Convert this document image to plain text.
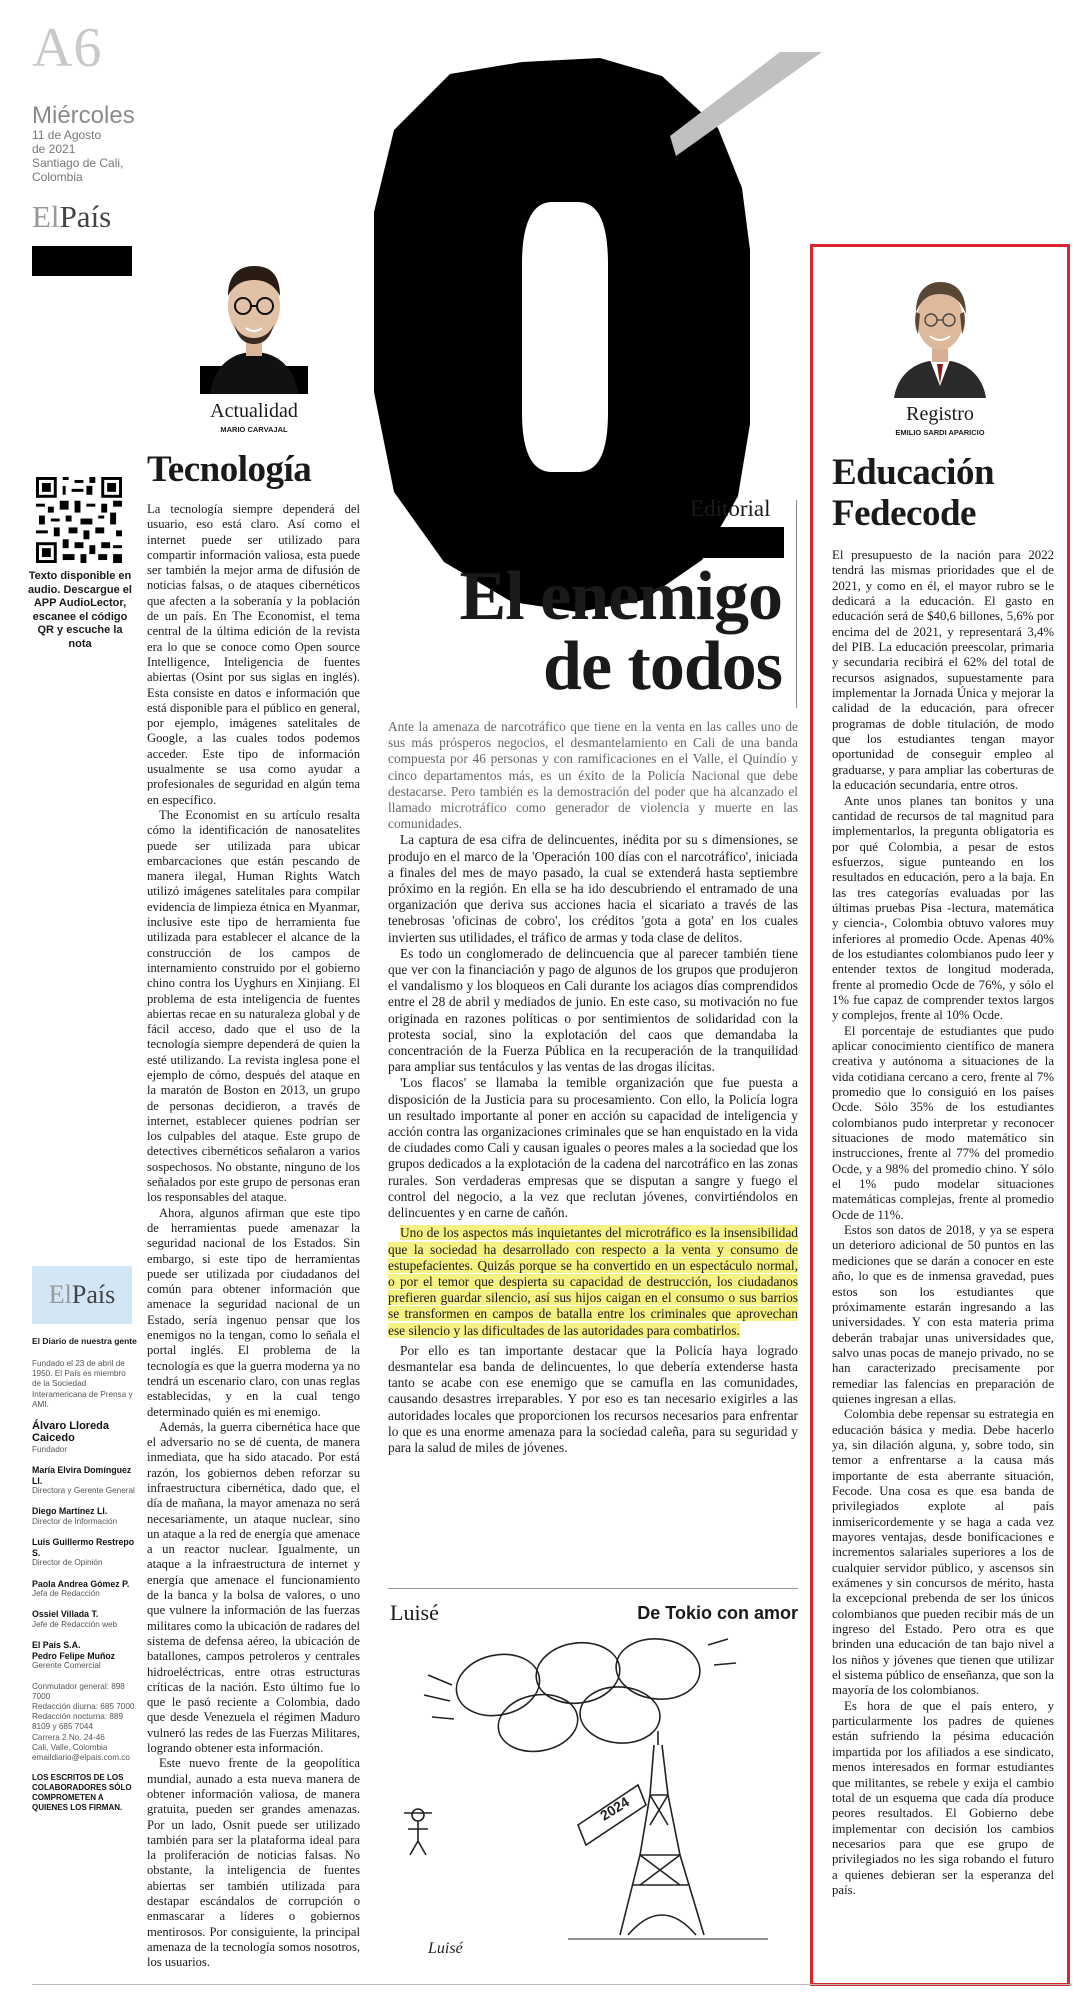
A6
Miércoles
11 de Agosto
de 2021
Santiago de Cali,
Colombia
ElPaís
Texto disponible en audio. Descargue el APP AudioLector, escanee el código QR y escuche la nota
Actualidad
MARIO CARVAJAL
Tecnología

La tecnología siempre dependerá del usuario, eso está claro. Así como el internet puede ser utilizado para compartir información valiosa, esta puede ser también la mejor arma de difusión de noticias falsas, o de ataques cibernéticos que afecten a la soberanía y la población de un país. En The Economist, el tema central de la última edición de la revista era lo que se conoce como Open source Intelligence, Inteligencia de fuentes abiertas (Osint por sus siglas en inglés). Esta consiste en datos e información que está disponible para el público en general, por ejemplo, imágenes satelitales de Google, a las cuales todos podemos acceder. Este tipo de información usualmente se usa como ayudar a profesionales de seguridad en algún tema en específico.

The Economist en su artículo resalta cómo la identificación de nanosatelites puede ser utilizada para ubicar embarcaciones que están pescando de manera ilegal, Human Rights Watch utilizó imágenes satelitales para compilar evidencia de limpieza étnica en Myanmar, inclusive este tipo de herramienta fue utilizada para establecer el alcance de la construcción de los campos de internamiento construido por el gobierno chino contra los Uyghurs en Xinjiang. El problema de esta inteligencia de fuentes abiertas recae en su naturaleza global y de fácil acceso, dado que el uso de la tecnología siempre dependerá de quien la esté utilizando. La revista inglesa pone el ejemplo de cómo, después del ataque en la maratón de Boston en 2013, un grupo de personas decidieron, a través de internet, establecer quienes podrían ser los culpables del ataque. Este grupo de detectives cibernéticos señalaron a varios sospechosos. No obstante, ninguno de los señalados por este grupo de personas eran los responsables del ataque.

Ahora, algunos afirman que este tipo de herramientas puede amenazar la seguridad nacional de los Estados. Sin embargo, si este tipo de herramientas puede ser utilizada por ciudadanos del común para obtener información que amenace la seguridad nacional de un Estado, sería ingenuo pensar que los enemigos no la tengan, como lo señala el portal inglés. El problema de la tecnología es que la guerra moderna ya no tendrá un escenario claro, con unas reglas establecidas, y en la cual tengo determinado quién es mi enemigo.

Además, la guerra cibernética hace que el adversario no se dé cuenta, de manera inmediata, que ha sido atacado. Por está razón, los gobiernos deben reforzar su infraestructura cibernética, dado que, el día de mañana, la mayor amenaza no será necesariamente, un ataque nuclear, sino un ataque a la red de energía que amenace a un reactor nuclear. Igualmente, un ataque a la infraestructura de internet y energía que amenace el funcionamiento de la banca y la bolsa de valores, o uno que vulnere la información de las fuerzas militares como la ubicación de radares del sistema de defensa aéreo, la ubicación de batallones, campos petroleros y centrales hidroeléctricas, entre otras estructuras críticas de la nación. Esto último fue lo que le pasó reciente a Colombia, dado que desde Venezuela el régimen Maduro vulneró las redes de las Fuerzas Militares, logrando obtener esta información.

Este nuevo frente de la geopolítica mundial, aunado a esta nueva manera de obtener información valiosa, de manera gratuita, pueden ser grandes amenazas. Por un lado, Osnit puede ser utilizado también para ser la plataforma ideal para la proliferación de noticias falsas. No obstante, la inteligencia de fuentes abiertas ser también utilizada para destapar escándalos de corrupción o enmascarar a líderes o gobiernos mentirosos. Por consiguiente, la principal amenaza de la tecnología somos nosotros, los usuarios.

Editorial
El enemigo
de todos

Ante la amenaza de narcotráfico que tiene en la venta en las calles uno de sus más prósperos negocios, el desmantelamiento en Cali de una banda compuesta por 46 personas y con ramificaciones en el Valle, el Quindío y cinco departamentos más, es un éxito de la Policía Nacional que debe destacarse. Pero también es la demostración del poder que ha alcanzado el llamado microtráfico como generador de violencia y muerte en las comunidades.

La captura de esa cifra de delincuentes, inédita por su s dimensiones, se produjo en el marco de la 'Operación 100 días con el narcotráfico', iniciada a finales del mes de mayo pasado, la cual se extenderá hasta septiembre próximo en la región. En ella se ha ido descubriendo el entramado de una organización que deriva sus acciones hacia el sicariato a través de las tenebrosas 'oficinas de cobro', los créditos 'gota a gota' en los cuales invierten sus utilidades, el tráfico de armas y toda clase de delitos.

Es todo un conglomerado de delincuencia que al parecer también tiene que ver con la financiación y pago de algunos de los grupos que produjeron el vandalismo y los bloqueos en Cali durante los aciagos días comprendidos entre el 28 de abril y mediados de junio. En este caso, su motivación no fue originada en razones políticas o por sentimientos de solidaridad con la protesta social, sino la explotación del caos que demandaba la concentración de la Fuerza Pública en la recuperación de la tranquilidad para ampliar sus tentáculos y las ventas de las drogas ilícitas.

'Los flacos' se llamaba la temible organización que fue puesta a disposición de la Justicia para su procesamiento. Con ello, la Policía logra un resultado importante al poner en acción su capacidad de inteligencia y acción contra las organizaciones criminales que se han enquistado en la vida de ciudades como Cali y causan iguales o peores males a la sociedad que los grupos dedicados a la explotación de la cadena del narcotráfico en las zonas rurales. Son verdaderas empresas que se disputan a sangre y fuego el control del negocio, a la vez que reclutan jóvenes, convirtiéndolos en delincuentes y en carne de cañón.

Uno de los aspectos más inquietantes del microtráfico es la insensibilidad que la sociedad ha desarrollado con respecto a la venta y consumo de estupefacientes. Quizás porque se ha convertido en un espectáculo normal, o por el temor que despierta su capacidad de destrucción, los ciudadanos prefieren guardar silencio, así sus hijos caigan en el consumo o sus barrios se transformen en campos de batalla entre los criminales que aprovechan ese silencio y las dificultades de las autoridades para combatirlos.

Por ello es tan importante destacar que la Policía haya logrado desmantelar esa banda de delincuentes, lo que debería extenderse hasta tanto se acabe con ese enemigo que se camufla en las comunidades, causando desastres irreparables. Y por eso es tan necesario exigirles a las autoridades locales que proporcionen los recursos necesarios para enfrentar lo que es una enorme amenaza para la sociedad caleña, para su seguridad y para la salud de miles de jóvenes.

Luisé	De Tokio con amor
2024
Luisé
ElPaís
El Diario de nuestra gente
Fundado el 23 de abril de 1950. El País es miembro de la Sociedad Interamericana de Prensa y AMI.
Álvaro Lloreda Caicedo
Fundador
María Elvira Domínguez Ll.
Directora y Gerente General
Diego Martínez Ll.
Director de Información
Luis Guillermo Restrepo S.
Director de Opinión
Paola Andrea Gómez P.
Jefa de Redacción
Ossiel Villada T.
Jefe de Redacción web
El País S.A.
Pedro Felipe Muñoz
Gerente Comercial
Conmutador general: 898 7000
Redacción diurna: 685 7000
Redacción nocturna: 889 8109 y 685 7044
Carrera 2 No. 24-46
Cali, Valle, Colombia
emaildiario@elpais.com.co
LOS ESCRITOS DE LOS COLABORADORES SÓLO COMPROMETEN A QUIENES LOS FIRMAN.
Registro
EMILIO SARDI APARICIO
Educación
Fedecode

El presupuesto de la nación para 2022 tendrá las mismas prioridades que el de 2021, y como en él, el mayor rubro se le dedicará a la educación. El gasto en educación será de $40,6 billones, 5,6% por encima del de 2021, y representará 3,4% del PIB. La educación preescolar, primaria y secundaria recibirá el 62% del total de recursos asignados, supuestamente para implementar la Jornada Única y mejorar la calidad de la educación, para ofrecer programas de doble titulación, de modo que los estudiantes tengan mayor oportunidad de conseguir empleo al graduarse, y para ampliar las coberturas de la educación secundaria, entre otros.

Ante unos planes tan bonitos y una cantidad de recursos de tal magnitud para implementarlos, la pregunta obligatoria es por qué Colombia, a pesar de estos esfuerzos, sigue punteando en los resultados en educación, pero a la baja. En las tres categorías evaluadas por las últimas pruebas Pisa -lectura, matemática y ciencia-, Colombia obtuvo valores muy inferiores al promedio Ocde. Apenas 40% de los estudiantes colombianos pudo leer y entender textos de longitud moderada, frente al promedio Ocde de 76%, y sólo el 1% fue capaz de comprender textos largos y complejos, frente al 10% Ocde.

El porcentaje de estudiantes que pudo aplicar conocimiento científico de manera creativa y autónoma a situaciones de la vida cotidiana cercano a cero, frente al 7% promedio que lo consiguió en los países Ocde. Sólo 35% de los estudiantes colombianos pudo interpretar y reconocer situaciones de modo matemático sin instrucciones, frente al 77% del promedio Ocde, y a 98% del promedio chino. Y sólo el 1% pudo modelar situaciones matemáticas complejas, frente al promedio Ocde de 11%.

Estos son datos de 2018, y ya se espera un deterioro adicional de 50 puntos en las mediciones que se darán a conocer en este año, lo que es de inmensa gravedad, pues estos son los estudiantes que próximamente estarán ingresando a las universidades. Y con esta materia prima deberán trabajar unas universidades que, salvo unas pocas de manejo privado, no se han caracterizado precisamente por remediar las falencias en preparación de quienes ingresan a ellas.

Colombia debe repensar su estrategia en educación básica y media. Debe hacerlo ya, sin dilación alguna, y, sobre todo, sin temor a enfrentarse a la causa más importante de esta aberrante situación, Fecode. Una cosa es que esa banda de privilegiados explote al país inmisericordemente y se haga a cada vez mayores ventajas, desde bonificaciones e incrementos salariales superiores a los de cualquier servidor público, y ascensos sin exámenes y sin concursos de mérito, hasta la excepcional prebenda de ser los únicos colombianos que pueden recibir más de un ingreso del Estado. Pero otra es que brinden una educación de tan bajo nivel a los niños y jóvenes que tienen que utilizar el sistema público de enseñanza, que son la mayoría de los colombianos.

Es hora de que el país entero, y particularmente los padres de quienes están sufriendo la pésima educación impartida por los afiliados a ese sindicato, menos interesados en formar estudiantes que militantes, se rebele y exija el cambio total de un esquema que cada día produce peores resultados. El Gobierno debe implementar con decisión los cambios necesarios para que ese grupo de privilegiados no les siga robando el futuro a quienes debieran ser la esperanza del país.
